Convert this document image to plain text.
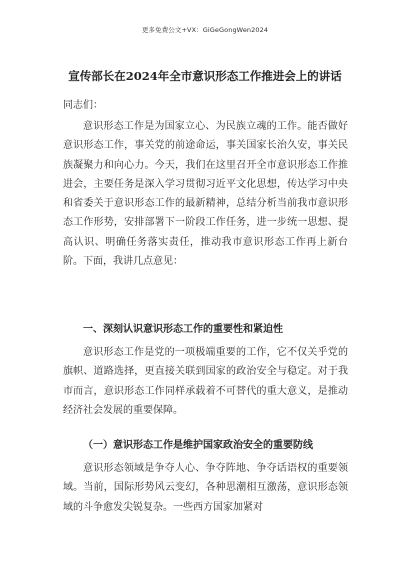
更多免费公文+VX：GiGeGongWen2024
宣传部长在2024年全市意识形态工作推进会上的讲话
同志们：
意识形态工作是为国家立心、为民族立魂的工作。能否做好意识形态工作，事关党的前途命运，事关国家长治久安，事关民族凝聚力和向心力。今天，我们在这里召开全市意识形态工作推进会，主要任务是深入学习贯彻习近平文化思想，传达学习中央和省委关于意识形态工作的最新精神，总结分析当前我市意识形态工作形势，安排部署下一阶段工作任务，进一步统一思想、提高认识、明确任务落实责任，推动我市意识形态工作再上新台阶。下面，我讲几点意见：
一、深刻认识意识形态工作的重要性和紧迫性
意识形态工作是党的一项极端重要的工作，它不仅关乎党的旗帜、道路选择，更直接关联到国家的政治安全与稳定。对于我市而言，意识形态工作同样承载着不可替代的重大意义，是推动经济社会发展的重要保障。
（一）意识形态工作是维护国家政治安全的重要防线
意识形态领域是争夺人心、争夺阵地、争夺话语权的重要领域。当前，国际形势风云变幻，各种思潮相互激荡，意识形态领域的斗争愈发尖锐复杂。一些西方国家加紧对
